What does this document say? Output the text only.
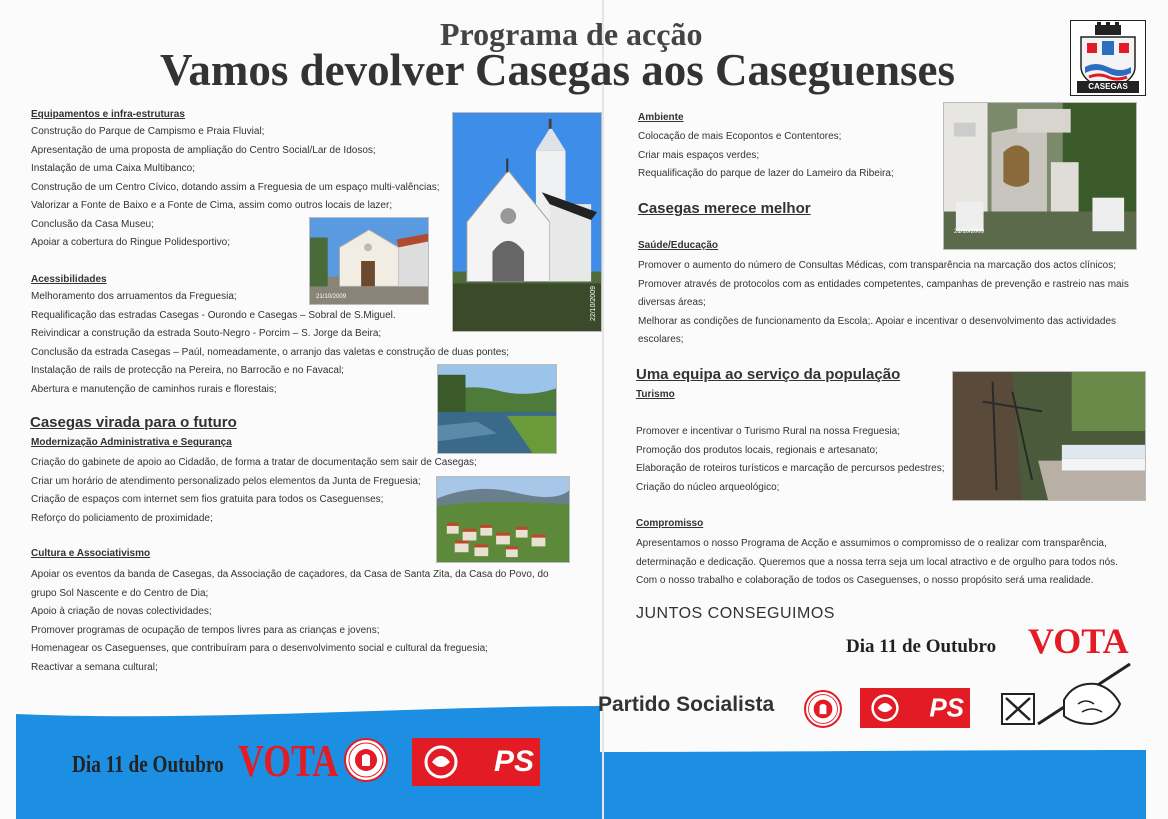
Programa de acção
Vamos devolver Casegas aos Caseguenses	CASEGAS
Equipamentos e infra-estruturas
Construção do Parque de Campismo e Praia Fluvial;
Apresentação de uma proposta de ampliação do Centro Social/Lar de Idosos;
Instalação de uma Caixa Multibanco;
Construção de um Centro Cívico, dotando assim a Freguesia de um espaço multi-valências;
Valorizar a Fonte de Baixo e a Fonte de Cima, assim como outros locais de lazer;
Conclusão da Casa Museu;
Apoiar a cobertura do Ringue Polidesportivo;
Acessibilidades
Melhoramento dos arruamentos da Freguesia;
Requalificação das estradas Casegas - Ourondo e Casegas – Sobral de S.Miguel.
Reivindicar a construção da estrada Souto-Negro - Porcim – S. Jorge da Beira;
Conclusão da estrada Casegas – Paúl, nomeadamente, o arranjo das valetas e construção de duas pontes;
Instalação de rails de protecção na Pereira, no Barrocão e no Favacal;
Abertura e manutenção de caminhos rurais e florestais;
Casegas virada para o futuro
Modernização Administrativa e Segurança
Criação do gabinete de apoio ao Cidadão, de forma a tratar de documentação sem sair de Casegas;
Criar um horário de atendimento personalizado pelos elementos da Junta de Freguesia;
Criação de espaços com internet sem fios gratuita para todos os Caseguenses;
Reforço do policiamento de proximidade;
Cultura e Associativismo
Apoiar os eventos da banda de Casegas, da Associação de caçadores, da Casa de Santa Zita, da Casa do Povo, do
grupo Sol Nascente e do Centro de Dia;
Apoio à criação de novas colectividades;
Promover programas de ocupação de tempos livres para as crianças e jovens;
Homenagear os Caseguenses, que contribuíram para o desenvolvimento social e cultural da freguesia;
Reactivar a semana cultural;
22/10/2009
21/10/2009
Dia 11 de Outubro VOTA	PS
Ambiente
Colocação de mais Ecopontos e Contentores;
Criar mais espaços verdes;
Requalificação do parque de lazer do Lameiro da Ribeira;
Casegas merece melhor
Saúde/Educação
Promover o aumento do número de Consultas Médicas, com transparência na marcação dos actos clínicos;
Promover através de protocolos com as entidades competentes, campanhas de prevenção e rastreio nas mais
diversas áreas;
Melhorar as condições de funcionamento da Escola;. Apoiar e incentivar o desenvolvimento das actividades
escolares;
Uma equipa ao serviço da população
Turismo
Promover e incentivar o Turismo Rural na nossa Freguesia;
Promoção dos produtos locais, regionais e artesanato;
Elaboração de roteiros turísticos e marcação de percursos pedestres;
Criação do núcleo arqueológico;
Compromisso

Apresentamos o nosso Programa de Acção e assumimos o compromisso de o realizar com transparência, determinação e dedicação. Queremos que a nossa terra seja um local atractivo e de orgulho para todos nós. Com o nosso trabalho e colaboração de todos os Caseguenses, o nosso propósito será uma realidade.

21/10/2009
JUNTOS CONSEGUIMOS
Dia 11 de Outubro VOTA
Partido Socialista	PS
